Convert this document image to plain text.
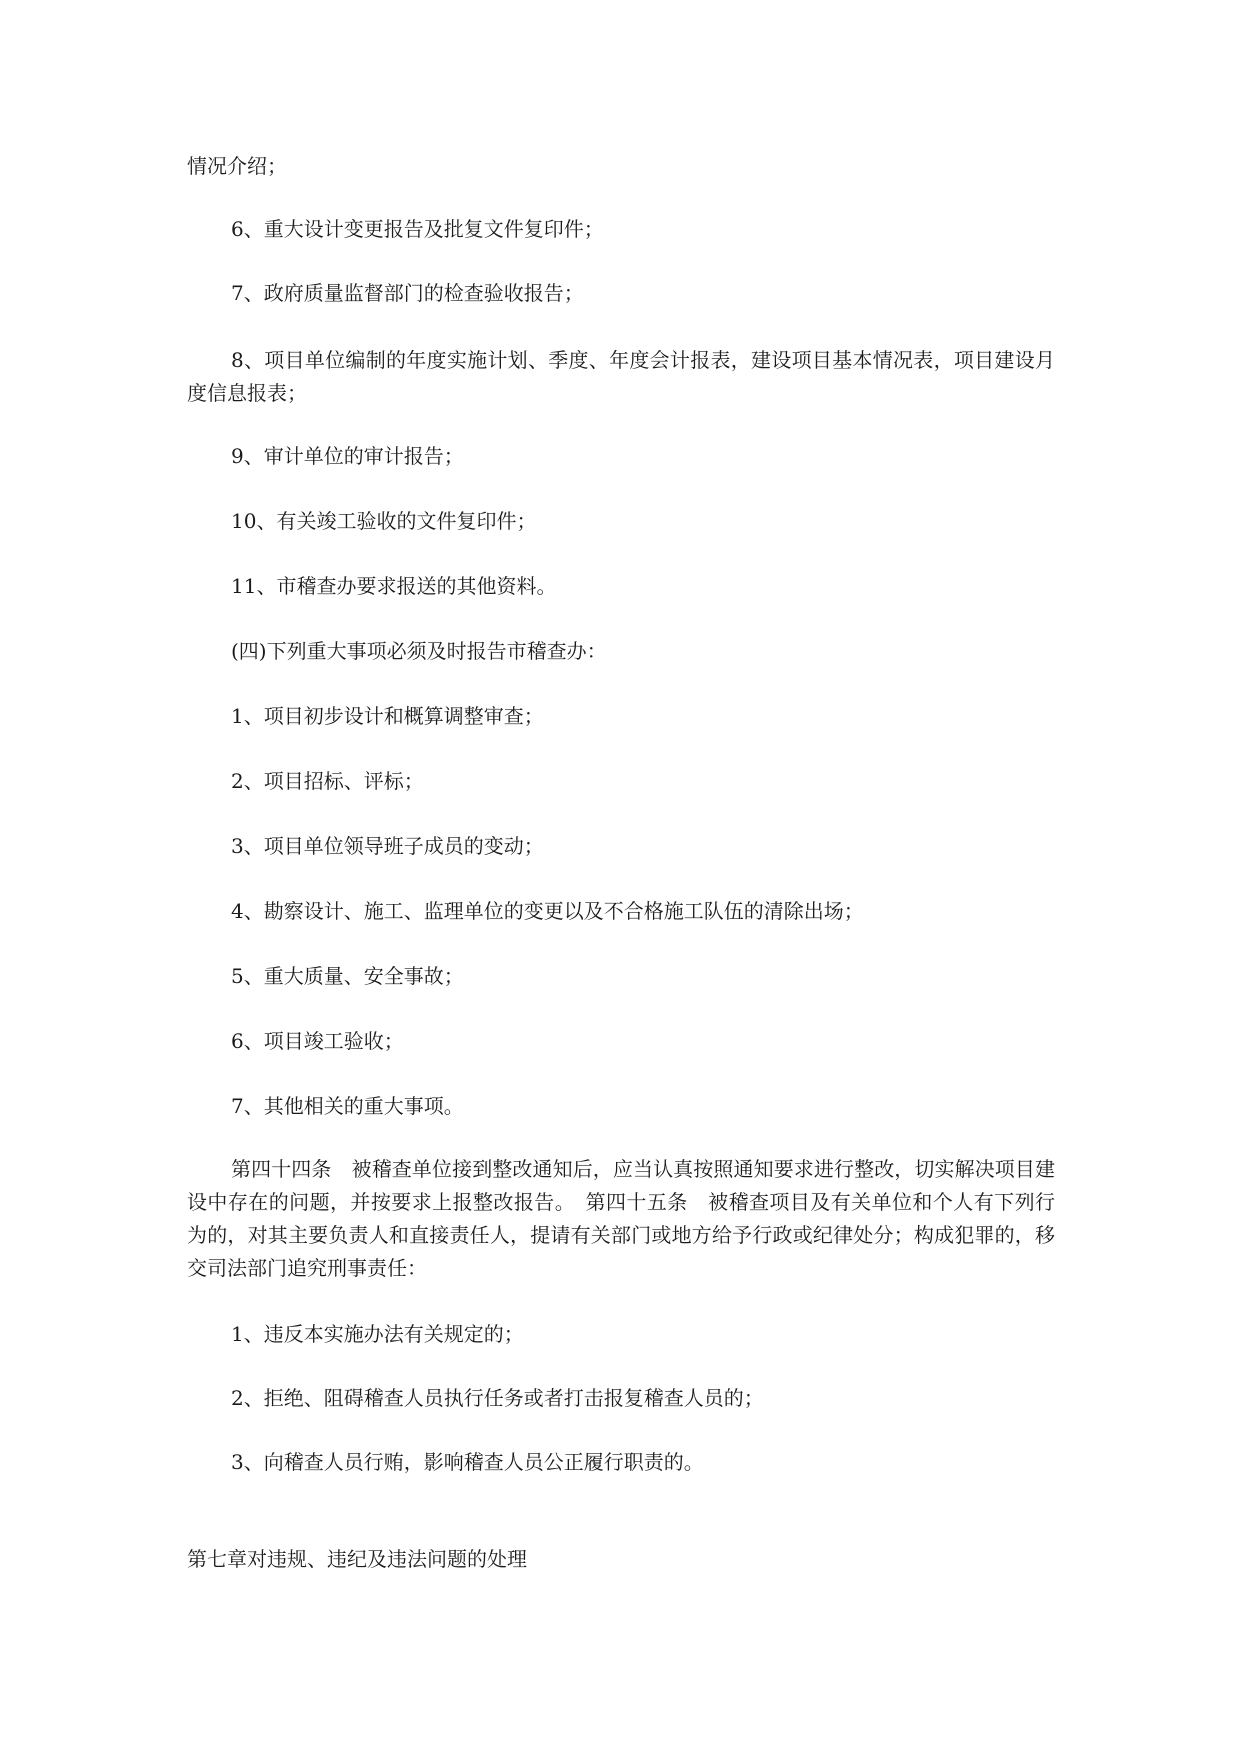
情况介绍；
6、重大设计变更报告及批复文件复印件；
7、政府质量监督部门的检查验收报告；
8、项目单位编制的年度实施计划、季度、年度会计报表，建设项目基本情况表，项目建设月度信息报表；
9、审计单位的审计报告；
10、有关竣工验收的文件复印件；
11、市稽查办要求报送的其他资料。
(四)下列重大事项必须及时报告市稽查办：
1、项目初步设计和概算调整审查；
2、项目招标、评标；
3、项目单位领导班子成员的变动；
4、勘察设计、施工、监理单位的变更以及不合格施工队伍的清除出场；
5、重大质量、安全事故；
6、项目竣工验收；
7、其他相关的重大事项。
第四十四条　被稽查单位接到整改通知后，应当认真按照通知要求进行整改，切实解决项目建设中存在的问题，并按要求上报整改报告。　第四十五条　被稽查项目及有关单位和个人有下列行为的，对其主要负责人和直接责任人，提请有关部门或地方给予行政或纪律处分；构成犯罪的，移交司法部门追究刑事责任：
1、违反本实施办法有关规定的；
2、拒绝、阻碍稽查人员执行任务或者打击报复稽查人员的；
3、向稽查人员行贿，影响稽查人员公正履行职责的。
第七章对违规、违纪及违法问题的处理
